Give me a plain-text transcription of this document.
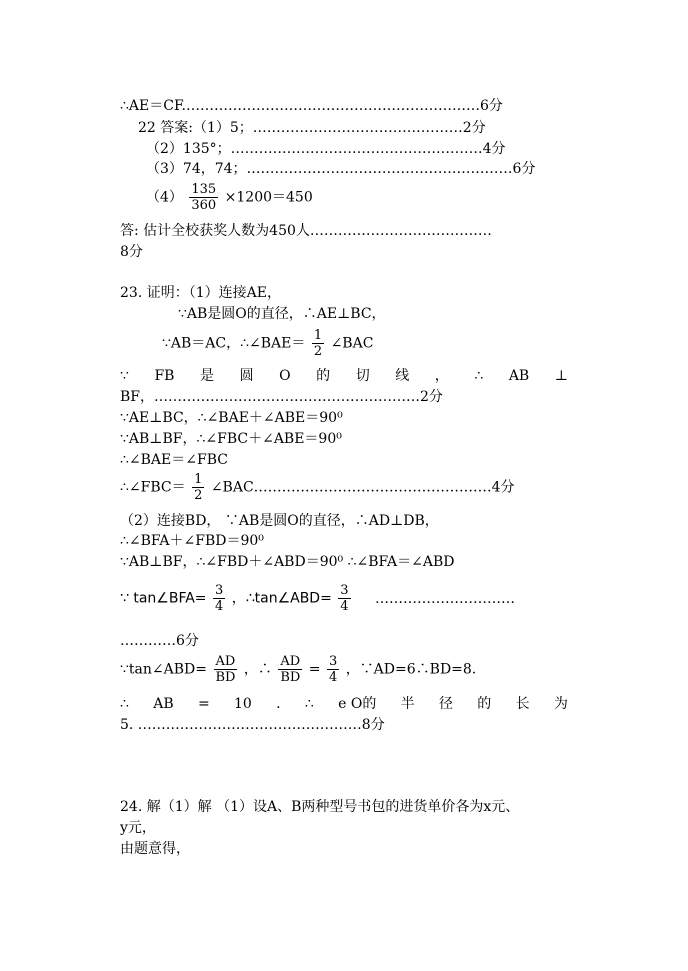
∴AE＝CF.………………………………………………………6分
22 答案:（1）5；………………………………………2分
（2）135°；………………………………………………4分
（3）74，74；…………………………………………………6分
$(4) \frac{135}{360} \times 1200=450$
答: 估计全校获奖人数为450人…………………………………
8分
23. 证明：（1）连接AE，
∵AB是圆O的直径，∴AE⊥BC，
∵AB＝AC，∴∠BAE＝ $\frac{1}{2}$ ∠BAC
∵ FB 是 圆 O 的 切 线 ， ∴ AB ⊥
BF，…………………………………………………2分
∵AE⊥BC，∴∠BAE＋∠ABE＝90⁰
∵AB⊥BF，∴∠FBC＋∠ABE＝90⁰
∴∠BAE＝∠FBC
∴∠FBC＝ $\frac{1}{2}$ ∠BAC……………………………………………4分
（2）连接BD， ∵AB是圆O的直径，∴AD⊥DB，
∴∠BFA＋∠FBD＝90⁰
∵AB⊥BF，∴∠FBD＋∠ABD＝90⁰ ∴∠BFA＝∠ABD
∵ tan∠BFA= $\frac{3}{4}$ ，∴tan∠ABD= $\frac{3}{4}$ …………………………
…………6分
∵tan∠ABD= $\frac{AD}{BD}$ ，∴ $\frac{AD}{BD} = \frac{3}{4}$ ，∵AD=6∴BD=8.
∴ AB = 10 . ∴ e O的 半 径 的 长 为
5. …………………………………………8分
24. 解（1）解 （1）设A、B两种型号书包的进货单价各为x元、
y元，
由题意得，
